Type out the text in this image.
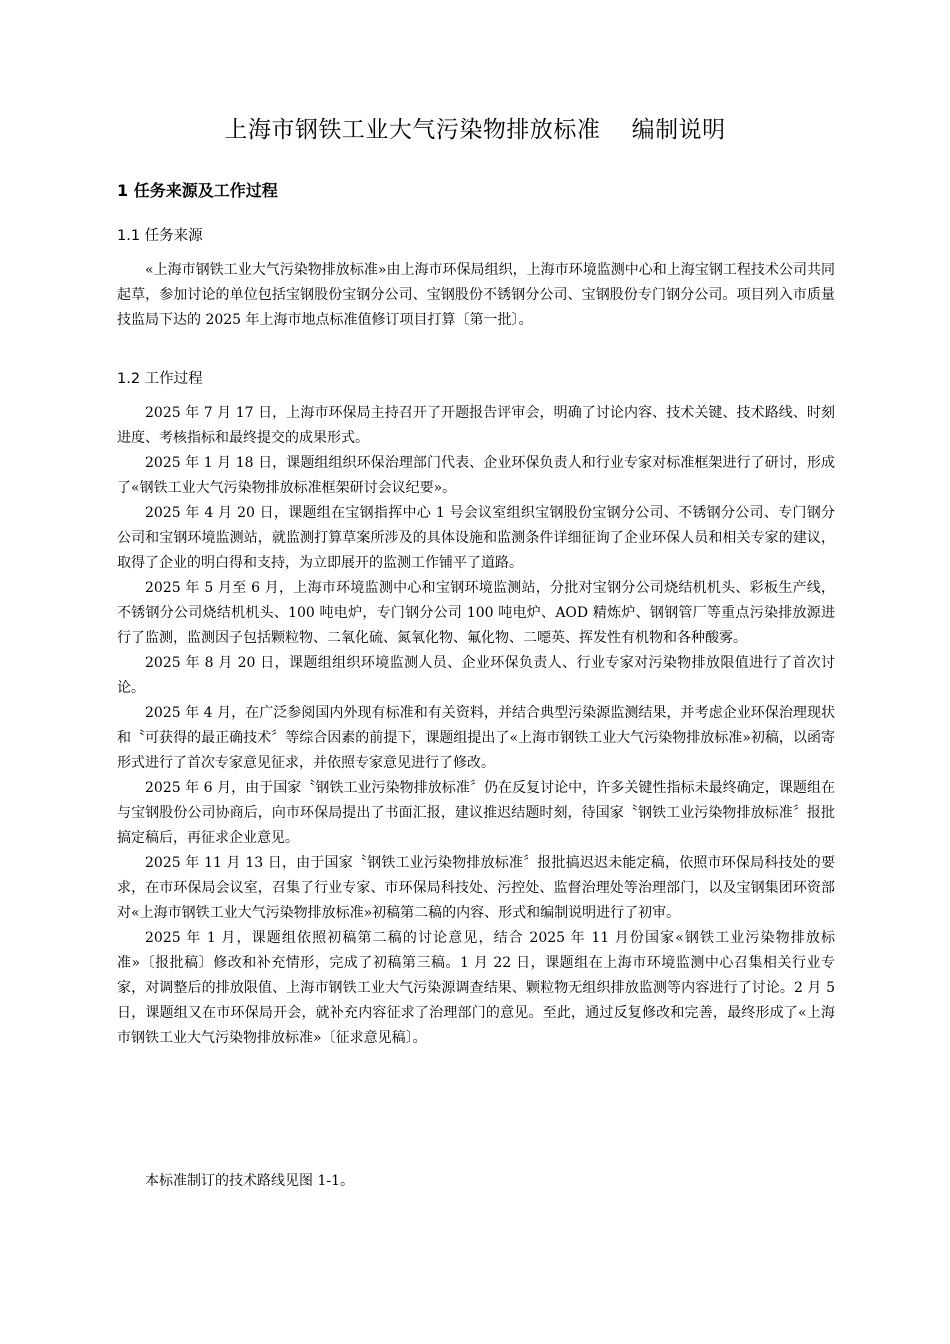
上海市钢铁工业大气污染物排放标准    编制说明
1 任务来源及工作过程
1.1 任务来源

«上海市钢铁工业大气污染物排放标准»由上海市环保局组织，上海市环境监测中心和上海宝钢工程技术公司共同起草，参加讨论的单位包括宝钢股份宝钢分公司、宝钢股份不锈钢分公司、宝钢股份专门钢分公司。项目列入市质量技监局下达的 2025 年上海市地点标准值修订项目打算〔第一批〕。

1.2 工作过程

2025 年 7 月 17 日，上海市环保局主持召开了开题报告评审会，明确了讨论内容、技术关键、技术路线、时刻进度、考核指标和最终提交的成果形式。

2025 年 1 月 18 日，课题组组织环保治理部门代表、企业环保负责人和行业专家对标准框架进行了研讨，形成了«钢铁工业大气污染物排放标准框架研讨会议纪要»。

2025 年 4 月 20 日，课题组在宝钢指挥中心 1 号会议室组织宝钢股份宝钢分公司、不锈钢分公司、专门钢分公司和宝钢环境监测站，就监测打算草案所涉及的具体设施和监测条件详细征询了企业环保人员和相关专家的建议，取得了企业的明白得和支持，为立即展开的监测工作铺平了道路。

2025 年 5 月至 6 月，上海市环境监测中心和宝钢环境监测站，分批对宝钢分公司烧结机机头、彩板生产线，不锈钢分公司烧结机机头、100 吨电炉，专门钢分公司 100 吨电炉、AOD 精炼炉、钢钢管厂等重点污染排放源进行了监测，监测因子包括颗粒物、二氧化硫、氮氧化物、氟化物、二噁英、挥发性有机物和各种酸雾。

2025 年 8 月 20 日，课题组组织环境监测人员、企业环保负责人、行业专家对污染物排放限值进行了首次讨论。

2025 年 4 月，在广泛参阅国内外现有标准和有关资料，并结合典型污染源监测结果，并考虑企业环保治理现状和〝可获得的最正确技术〞等综合因素的前提下，课题组提出了«上海市钢铁工业大气污染物排放标准»初稿，以函寄形式进行了首次专家意见征求，并依照专家意见进行了修改。

2025 年 6 月，由于国家〝钢铁工业污染物排放标准〞仍在反复讨论中，许多关键性指标未最终确定，课题组在与宝钢股份公司协商后，向市环保局提出了书面汇报，建议推迟结题时刻，待国家〝钢铁工业污染物排放标准〞报批搞定稿后，再征求企业意见。

2025 年 11 月 13 日，由于国家〝钢铁工业污染物排放标准〞报批搞迟迟未能定稿，依照市环保局科技处的要求，在市环保局会议室，召集了行业专家、市环保局科技处、污控处、监督治理处等治理部门，以及宝钢集团环资部对«上海市钢铁工业大气污染物排放标准»初稿第二稿的内容、形式和编制说明进行了初审。

2025 年 1 月，课题组依照初稿第二稿的讨论意见，结合 2025 年 11 月份国家«钢铁工业污染物排放标准»〔报批稿〕修改和补充情形，完成了初稿第三稿。1 月 22 日，课题组在上海市环境监测中心召集相关行业专家，对调整后的排放限值、上海市钢铁工业大气污染源调查结果、颗粒物无组织排放监测等内容进行了讨论。2 月 5 日，课题组又在市环保局开会，就补充内容征求了治理部门的意见。至此，通过反复修改和完善，最终形成了«上海市钢铁工业大气污染物排放标准»〔征求意见稿〕。

本标准制订的技术路线见图 1-1。
